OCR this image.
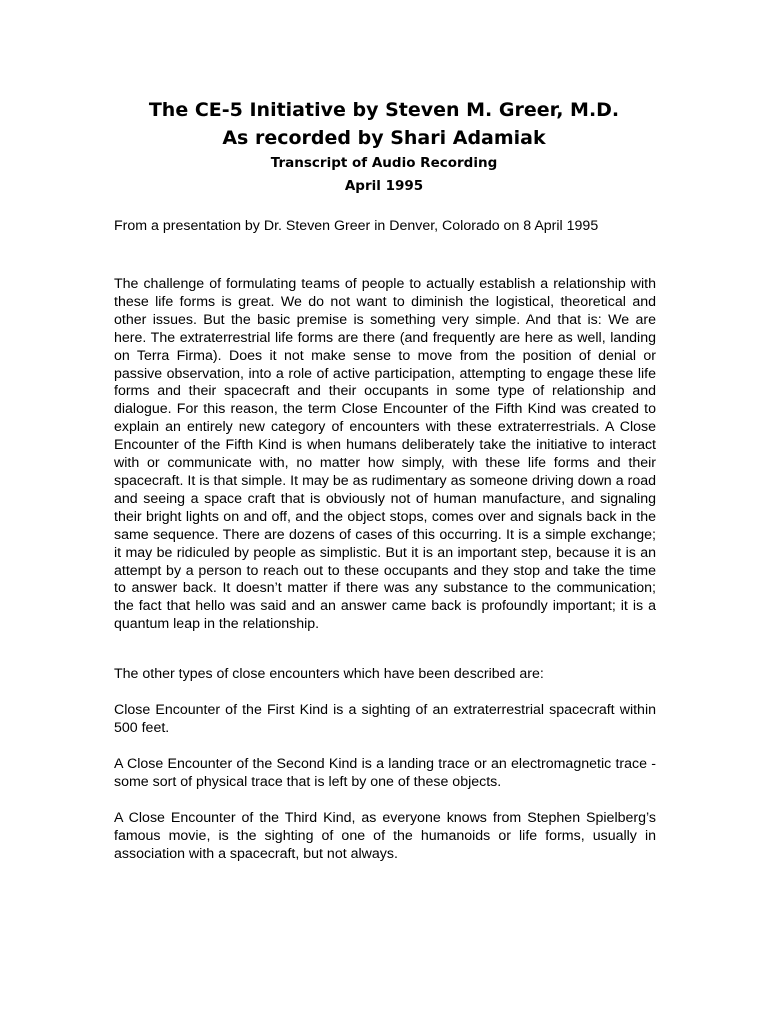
The CE-5 Initiative by Steven M. Greer, M.D.

As recorded by Shari Adamiak

Transcript of Audio Recording

April 1995

From a presentation by Dr. Steven Greer in Denver, Colorado on 8 April 1995

The challenge of formulating teams of people to actually establish a relationship with these life forms is great. We do not want to diminish the logistical, theoretical and other issues. But the basic premise is something very simple. And that is: We are here. The extraterrestrial life forms are there (and frequently are here as well, landing on Terra Firma). Does it not make sense to move from the position of denial or passive observation, into a role of active participation, attempting to engage these life forms and their spacecraft and their occupants in some type of relationship and dialogue. For this reason, the term Close Encounter of the Fifth Kind was created to explain an entirely new category of encounters with these extraterrestrials. A Close Encounter of the Fifth Kind is when humans deliberately take the initiative to interact with or communicate with, no matter how simply, with these life forms and their spacecraft. It is that simple. It may be as rudimentary as someone driving down a road and seeing a space craft that is obviously not of human manufacture, and signaling their bright lights on and off, and the object stops, comes over and signals back in the same sequence. There are dozens of cases of this occurring. It is a simple exchange; it may be ridiculed by people as simplistic. But it is an important step, because it is an attempt by a person to reach out to these occupants and they stop and take the time to answer back. It doesn’t matter if there was any substance to the communication; the fact that hello was said and an answer came back is profoundly important; it is a quantum leap in the relationship.

The other types of close encounters which have been described are:

Close Encounter of the First Kind is a sighting of an extraterrestrial spacecraft within 500 feet.

A Close Encounter of the Second Kind is a landing trace or an electromagnetic trace - some sort of physical trace that is left by one of these objects.

A Close Encounter of the Third Kind, as everyone knows from Stephen Spielberg’s famous movie, is the sighting of one of the humanoids or life forms, usually in association with a spacecraft, but not always.
